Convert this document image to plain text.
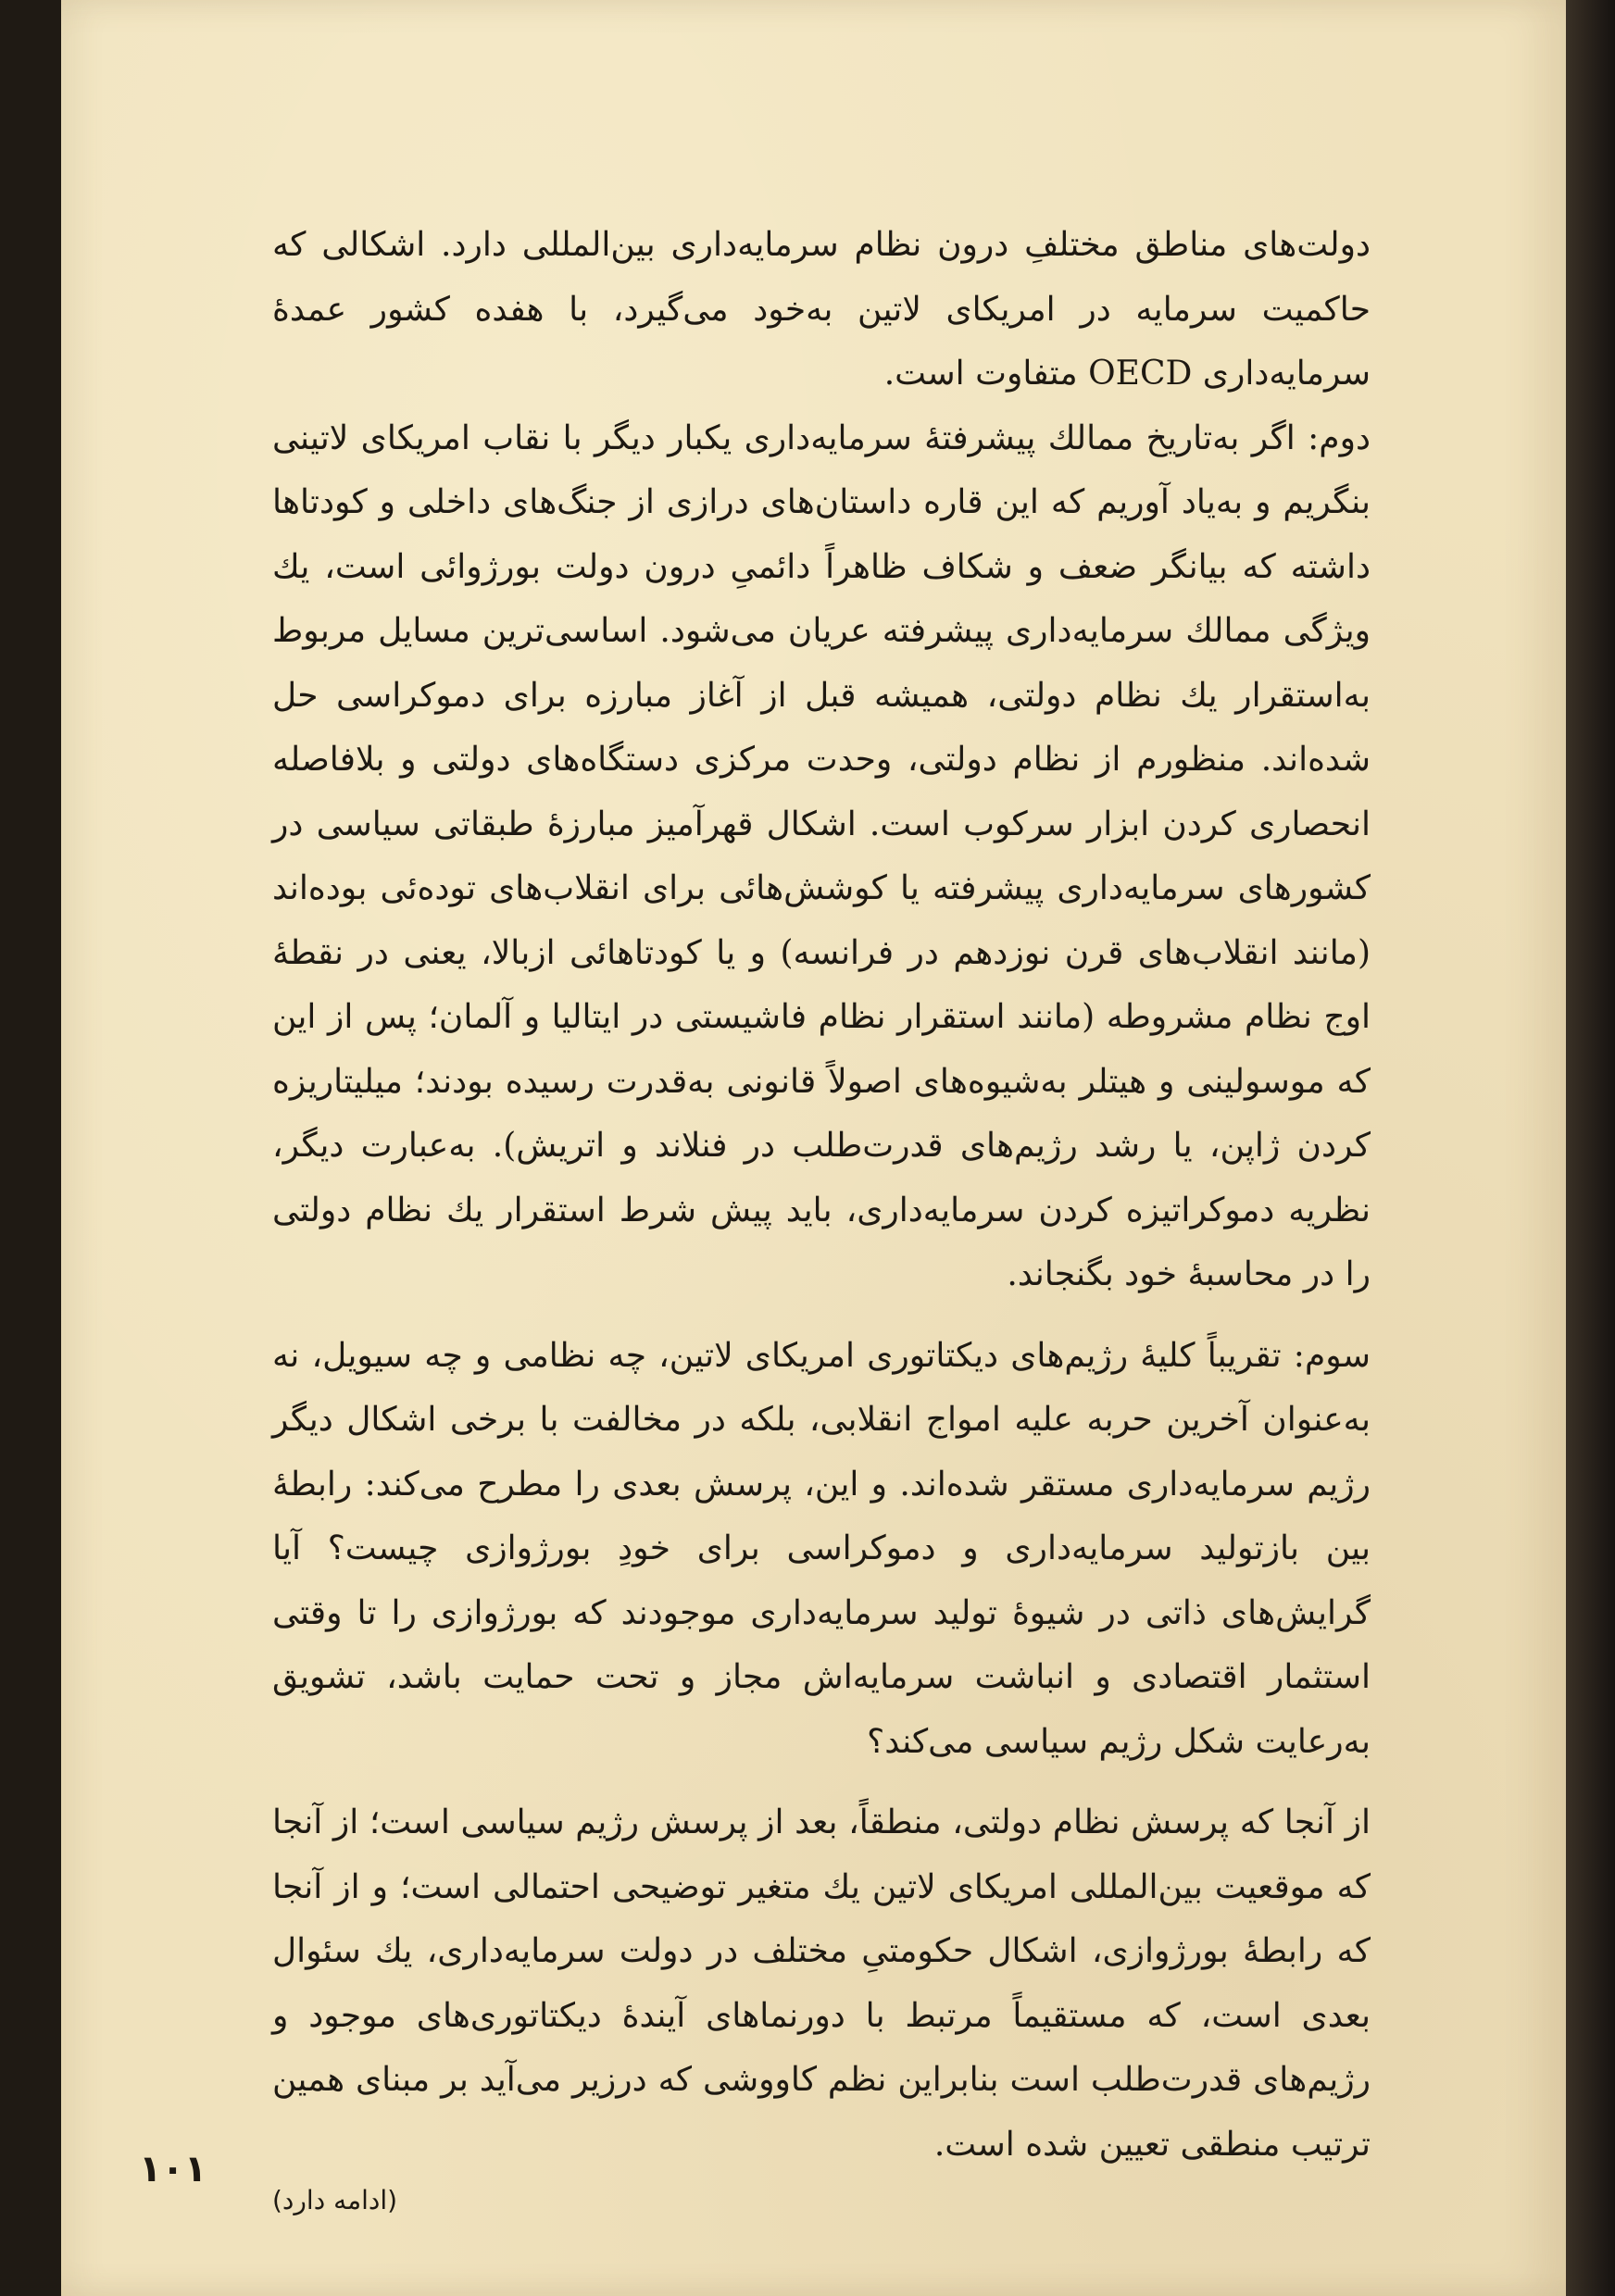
دولت‌های مناطق مختلفِ درون نظام سرمایه‌داری بین‌المللی دارد. اشکالی که حاکمیت سرمایه در امریکای لاتین به‌خود می‌گیرد، با هفده کشور عمدهٔ سرمایه‌داری OECD متفاوت است.

دوم: اگر به‌تاریخ ممالك پیشرفتهٔ سرمایه‌داری یکبار دیگر با نقاب امریکای لاتینی بنگریم و به‌یاد آوریم که این قاره داستان‌های درازی از جنگ‌های داخلی و کودتاها داشته که بیانگر ضعف و شکاف ظاهراً دائمیِ درون دولت بورژوائی است، یك ویژگی ممالك سرمایه‌داری پیشرفته عریان می‌شود. اساسی‌ترین مسایل مربوط به‌استقرار یك نظام دولتی، همیشه قبل از آغاز مبارزه برای دموکراسی حل شده‌اند. منظورم از نظام دولتی، وحدت مرکزی دستگاه‌های دولتی و بلافاصله انحصاری کردن ابزار سرکوب است. اشکال قهرآمیز مبارزهٔ طبقاتی سیاسی در کشورهای سرمایه‌داری پیشرفته یا کوشش‌هائی برای انقلاب‌های توده‌ئی بوده‌اند (مانند انقلاب‌های قرن نوزدهم در فرانسه) و یا کودتاهائی ازبالا، یعنی در نقطهٔ اوج نظام مشروطه (مانند استقرار نظام فاشیستی در ایتالیا و آلمان؛ پس از این که موسولینی و هیتلر به‌شیوه‌های اصولاً قانونی به‌قدرت رسیده بودند؛ میلیتاریزه کردن ژاپن، یا رشد رژیم‌های قدرت‌طلب در فنلاند و اتریش). به‌عبارت دیگر، نظریه دموکراتیزه کردن سرمایه‌داری، باید پیش شرط استقرار یك نظام دولتی را در محاسبهٔ خود بگنجاند.

سوم: تقریباً کلیهٔ رژیم‌های دیکتاتوری امریکای لاتین، چه نظامی و چه سیویل، نه به‌عنوان آخرین حربه علیه امواج انقلابی، بلکه در مخالفت با برخی اشکال دیگر رژیم سرمایه‌داری مستقر شده‌اند. و این، پرسش بعدی را مطرح می‌کند: رابطهٔ بین بازتولید سرمایه‌داری و دموکراسی برای خودِ بورژوازی چیست؟ آیا گرایش‌های ذاتی در شیوهٔ تولید سرمایه‌داری موجودند که بورژوازی را تا وقتی استثمار اقتصادی و انباشت سرمایه‌اش مجاز و تحت حمایت باشد، تشویق به‌رعایت شکل رژیم سیاسی می‌کند؟

از آنجا که پرسش نظام دولتی، منطقاً، بعد از پرسش رژیم سیاسی است؛ از آنجا که موقعیت بین‌المللی امریکای لاتین یك متغیر توضیحی احتمالی است؛ و از آنجا که رابطهٔ بورژوازی، اشکال حکومتیِ مختلف در دولت سرمایه‌داری، یك سئوال بعدی است، که مستقیماً مرتبط با دورنماهای آیندهٔ دیکتاتوری‌های موجود و رژیم‌های قدرت‌طلب است بنابراین نظم کاووشی که درزیر می‌آید بر مبنای همین ترتیب منطقی تعیین شده است.

۱۰۱
(ادامه دارد)
